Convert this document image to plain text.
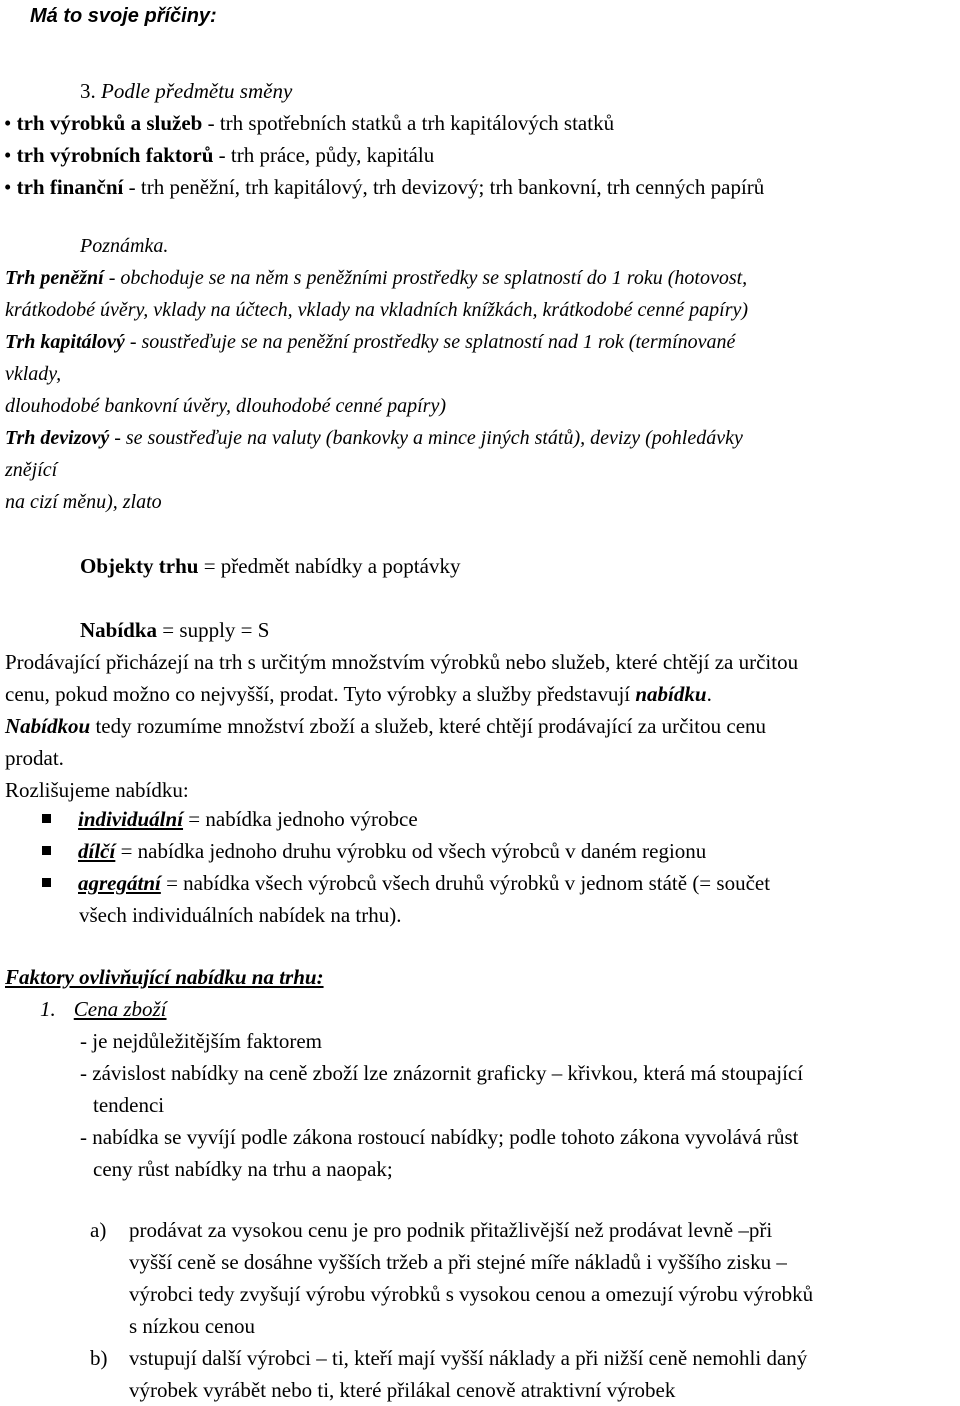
Má to svoje příčiny:
3. Podle předmětu směny
• trh výrobků a služeb - trh spotřebních statků a trh kapitálových statků
• trh výrobních faktorů - trh práce, půdy, kapitálu
• trh finanční - trh peněžní, trh kapitálový, trh devizový; trh bankovní, trh cenných papírů
Poznámka.
Trh peněžní - obchoduje se na něm s peněžními prostředky se splatností do 1 roku (hotovost,
krátkodobé úvěry, vklady na účtech, vklady na vkladních knížkách, krátkodobé cenné papíry)
Trh kapitálový - soustřeďuje se na peněžní prostředky se splatností nad 1 rok (termínované
vklady,
dlouhodobé bankovní úvěry, dlouhodobé cenné papíry)
Trh devizový - se soustřeďuje na valuty (bankovky a mince jiných států), devizy (pohledávky
znějící
na cizí měnu), zlato
Objekty trhu = předmět nabídky a poptávky
Nabídka = supply = S
Prodávající přicházejí na trh s určitým množstvím výrobků nebo služeb, které chtějí za určitou
cenu, pokud možno co nejvyšší, prodat. Tyto výrobky a služby představují nabídku.
Nabídkou tedy rozumíme množství zboží a služeb, které chtějí prodávající za určitou cenu
prodat.
Rozlišujeme nabídku:
individuální = nabídka jednoho výrobce
dílčí = nabídka jednoho druhu výrobku od všech výrobců v daném regionu
agregátní = nabídka všech výrobců všech druhů výrobků v jednom státě (= součet
všech individuálních nabídek na trhu).
Faktory ovlivňující nabídku na trhu:
1. Cena zboží
- je nejdůležitějším faktorem
- závislost nabídky na ceně zboží lze znázornit graficky – křivkou, která má stoupající
tendenci
- nabídka se vyvíjí podle zákona rostoucí nabídky; podle tohoto zákona vyvolává růst
ceny růst nabídky na trhu a naopak;
a) prodávat za vysokou cenu je pro podnik přitažlivější než prodávat levně –při
vyšší ceně se dosáhne vyšších tržeb a při stejné míře nákladů i vyššího zisku –
výrobci tedy zvyšují výrobu výrobků s vysokou cenou a omezují výrobu výrobků
s nízkou cenou
b) vstupují další výrobci – ti, kteří mají vyšší náklady a při nižší ceně nemohli daný
výrobek vyrábět nebo ti, které přilákal cenově atraktivní výrobek
